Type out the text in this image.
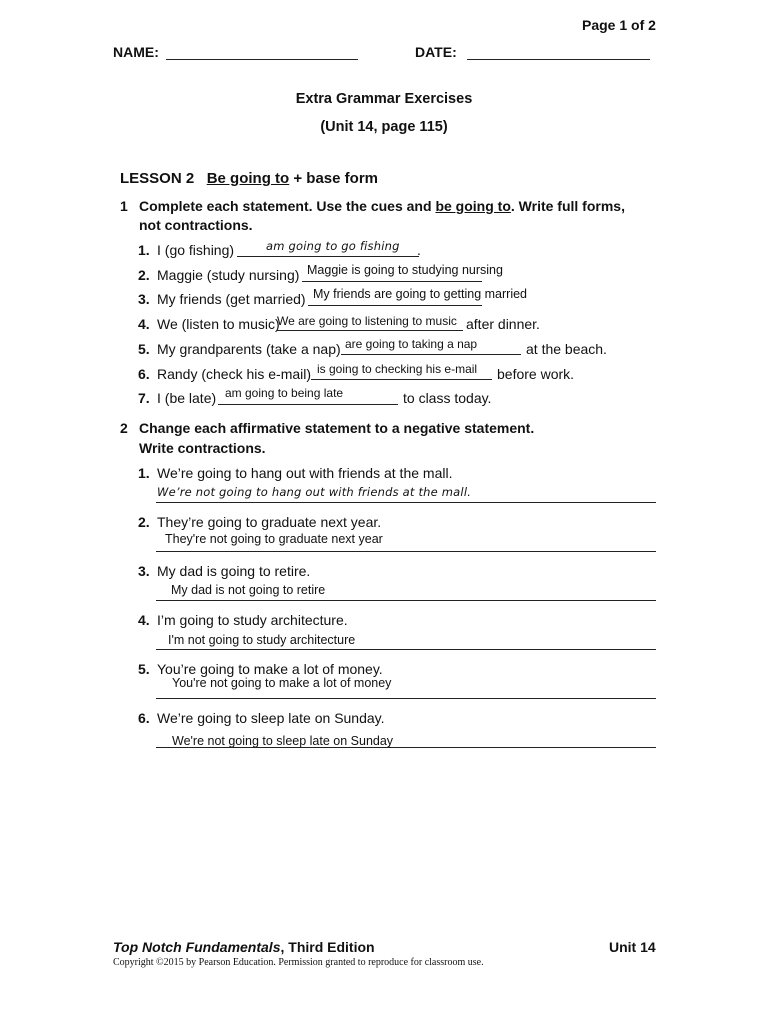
Page 1 of 2
NAME:	DATE:
Extra Grammar Exercises
(Unit 14, page 115)
LESSON 2 Be going to + base form
1 Complete each statement. Use the cues and be going to. Write full forms,
not contractions.
1. I (go fishing)	am going to go fishing .
2. Maggie (study nursing) Maggie is going to studying nursing
3. My friends (get married) My friends are going to getting married
4. We (listen to music)
We are going to listening to music after dinner.
5. My grandparents (take a nap) are going to taking a nap	at the beach.
6. Randy (check his e-mail) is going to checking his e-mail before work.
7. I (be late) am going to being late	to class today.
2 Change each affirmative statement to a negative statement.
Write contractions.
1. We’re going to hang out with friends at the mall.
We’re not going to hang out with friends at the mall.
2. They’re going to graduate next year.
They're not going to graduate next year
3. My dad is going to retire.
My dad is not going to retire
4. I’m going to study architecture.
I'm not going to study architecture
5. You’re going to make a lot of money.
You're not going to make a lot of money
6. We’re going to sleep late on Sunday.
We're not going to sleep late on Sunday
Top Notch Fundamentals, Third Edition	Unit 14
Copyright ©2015 by Pearson Education. Permission granted to reproduce for classroom use.
